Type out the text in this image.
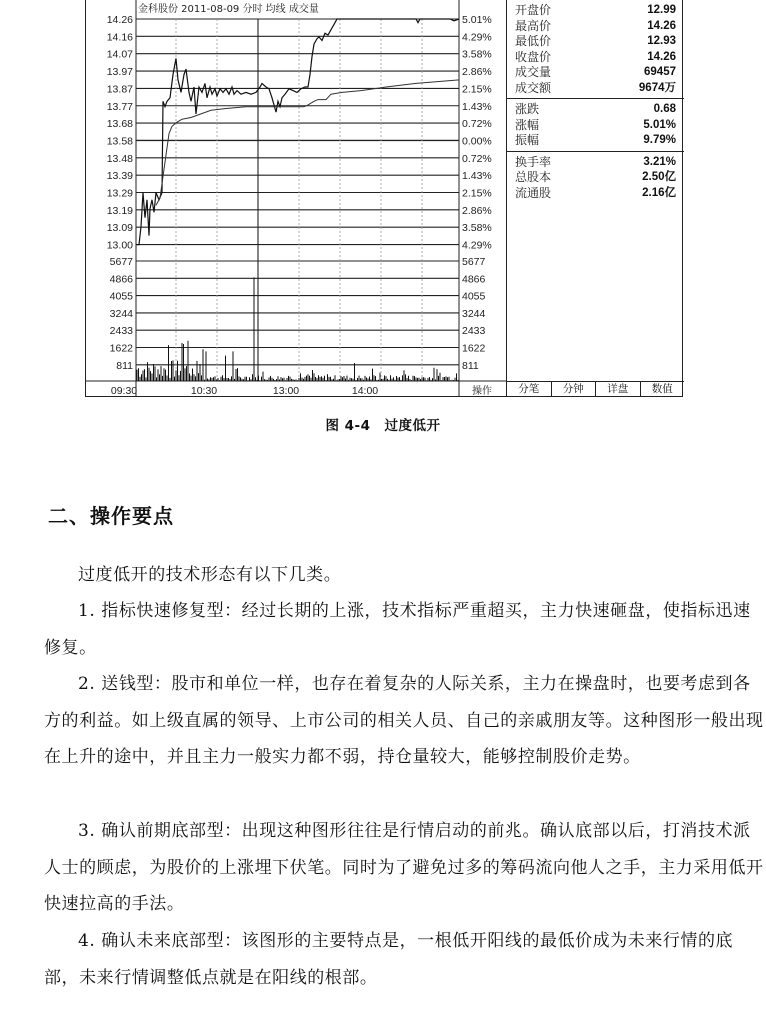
金科股份 2011-08-09 分时 均线 成交量
14.26	5.01%
14.16	4.29%
14.07	3.58%
13.97	2.86%
13.87	2.15%
13.77	1.43%
13.68	0.72%
13.58	0.00%
13.48	0.72%
13.39	1.43%
13.29	2.15%
13.19	2.86%
13.09	3.58%
13.00	4.29%
5677	5677
4866	4866
4055	4055
3244	3244
2433	2433
1622	1622
811	811
09:30	10:30	13:00	14:00	操作
开盘价	12.99
最高价	14.26
最低价	12.93
收盘价	14.26
成交量	69457
成交额	9674万
涨跌	0.68
涨幅	5.01%
振幅	9.79%
换手率	3.21%
总股本	2.50亿
流通股	2.16亿
分笔	分钟	详盘	数值
图 4-4　过度低开
二、操作要点
过度低开的技术形态有以下几类。
1. 指标快速修复型：经过长期的上涨，技术指标严重超买，主力快速砸盘，使指标迅速修复。
2. 送钱型：股市和单位一样，也存在着复杂的人际关系，主力在操盘时，也要考虑到各方的利益。如上级直属的领导、上市公司的相关人员、自己的亲戚朋友等。这种图形一般出现在上升的途中，并且主力一般实力都不弱，持仓量较大，能够控制股价走势。
3. 确认前期底部型：出现这种图形往往是行情启动的前兆。确认底部以后，打消技术派人士的顾虑，为股价的上涨埋下伏笔。同时为了避免过多的筹码流向他人之手，主力采用低开快速拉高的手法。
4. 确认未来底部型：该图形的主要特点是，一根低开阳线的最低价成为未来行情的底部，未来行情调整低点就是在阳线的根部。
